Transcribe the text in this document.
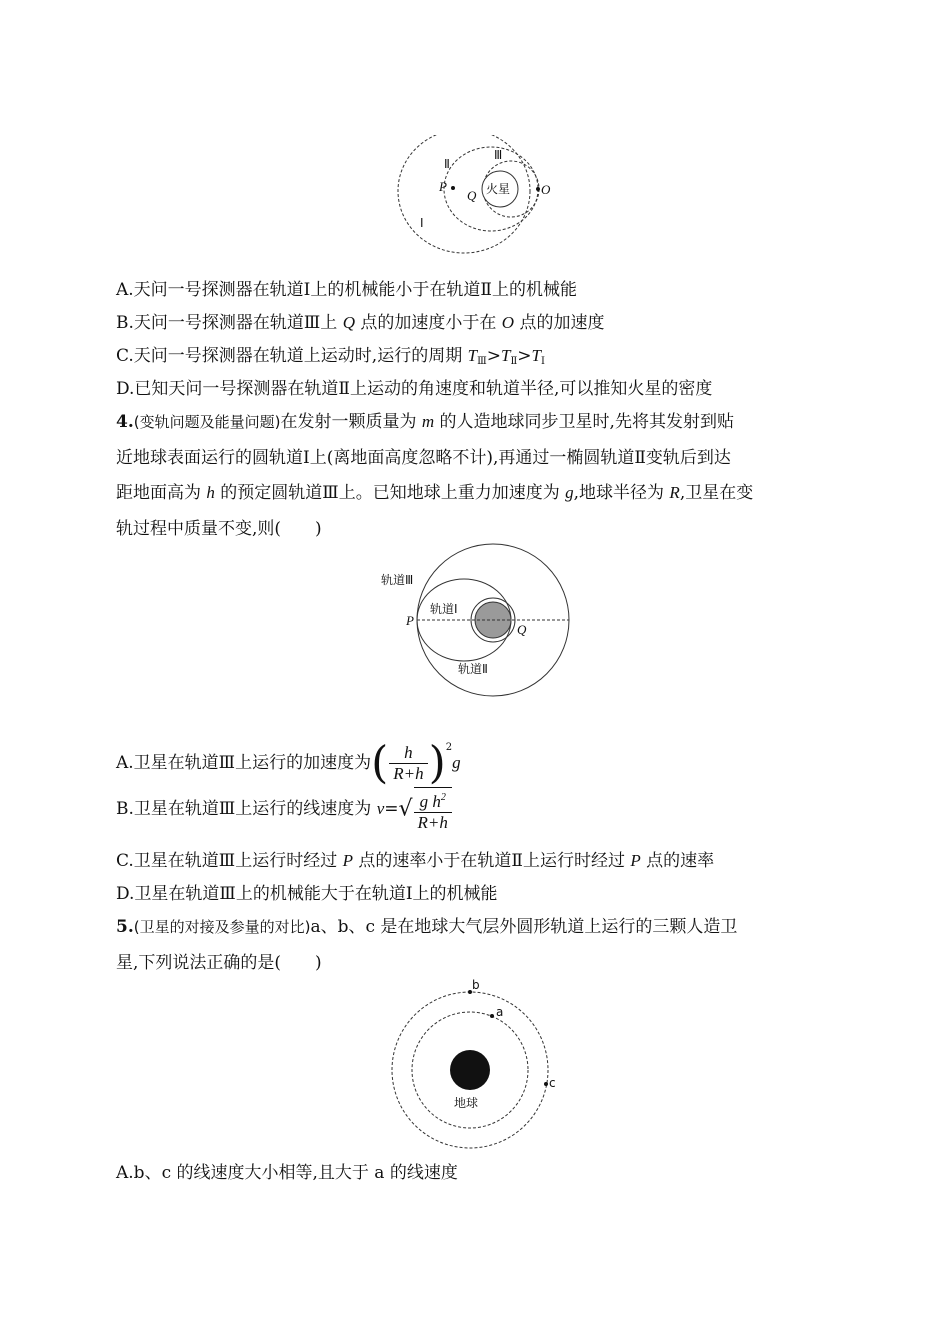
Ⅱ
Ⅲ
P
Q	O
火星
Ⅰ
A.天问一号探测器在轨道Ⅰ上的机械能小于在轨道Ⅱ上的机械能
B.天问一号探测器在轨道Ⅲ上 Q 点的加速度小于在 O 点的加速度
C.天问一号探测器在轨道上运动时,运行的周期 $T_Ⅲ>T_Ⅱ>T_Ⅰ$
D.已知天问一号探测器在轨道Ⅱ上运动的角速度和轨道半径,可以推知火星的密度
4.(变轨问题及能量问题)在发射一颗质量为 m 的人造地球同步卫星时,先将其发射到贴
近地球表面运行的圆轨道Ⅰ上(离地面高度忽略不计),再通过一椭圆轨道Ⅱ变轨后到达
距地面高为 h 的预定圆轨道Ⅲ上。已知地球上重力加速度为 g,地球半径为 R,卫星在变
轨过程中质量不变,则(　　)
轨道Ⅲ
轨道Ⅰ
轨道Ⅱ
P
Q
A.卫星在轨道Ⅲ上运行的加速度为( $\frac{h}{R+h} )^2g$
B.卫星在轨道Ⅲ上运行的线速度为 $v=√ \frac{g h^2}{R+h}$
C.卫星在轨道Ⅲ上运行时经过 P 点的速率小于在轨道Ⅱ上运行时经过 P 点的速率
D.卫星在轨道Ⅲ上的机械能大于在轨道Ⅰ上的机械能
5.(卫星的对接及参量的对比)a、b、c 是在地球大气层外圆形轨道上运行的三颗人造卫
星,下列说法正确的是(　　)
b
a
c
地球
A.b、c 的线速度大小相等,且大于 a 的线速度
